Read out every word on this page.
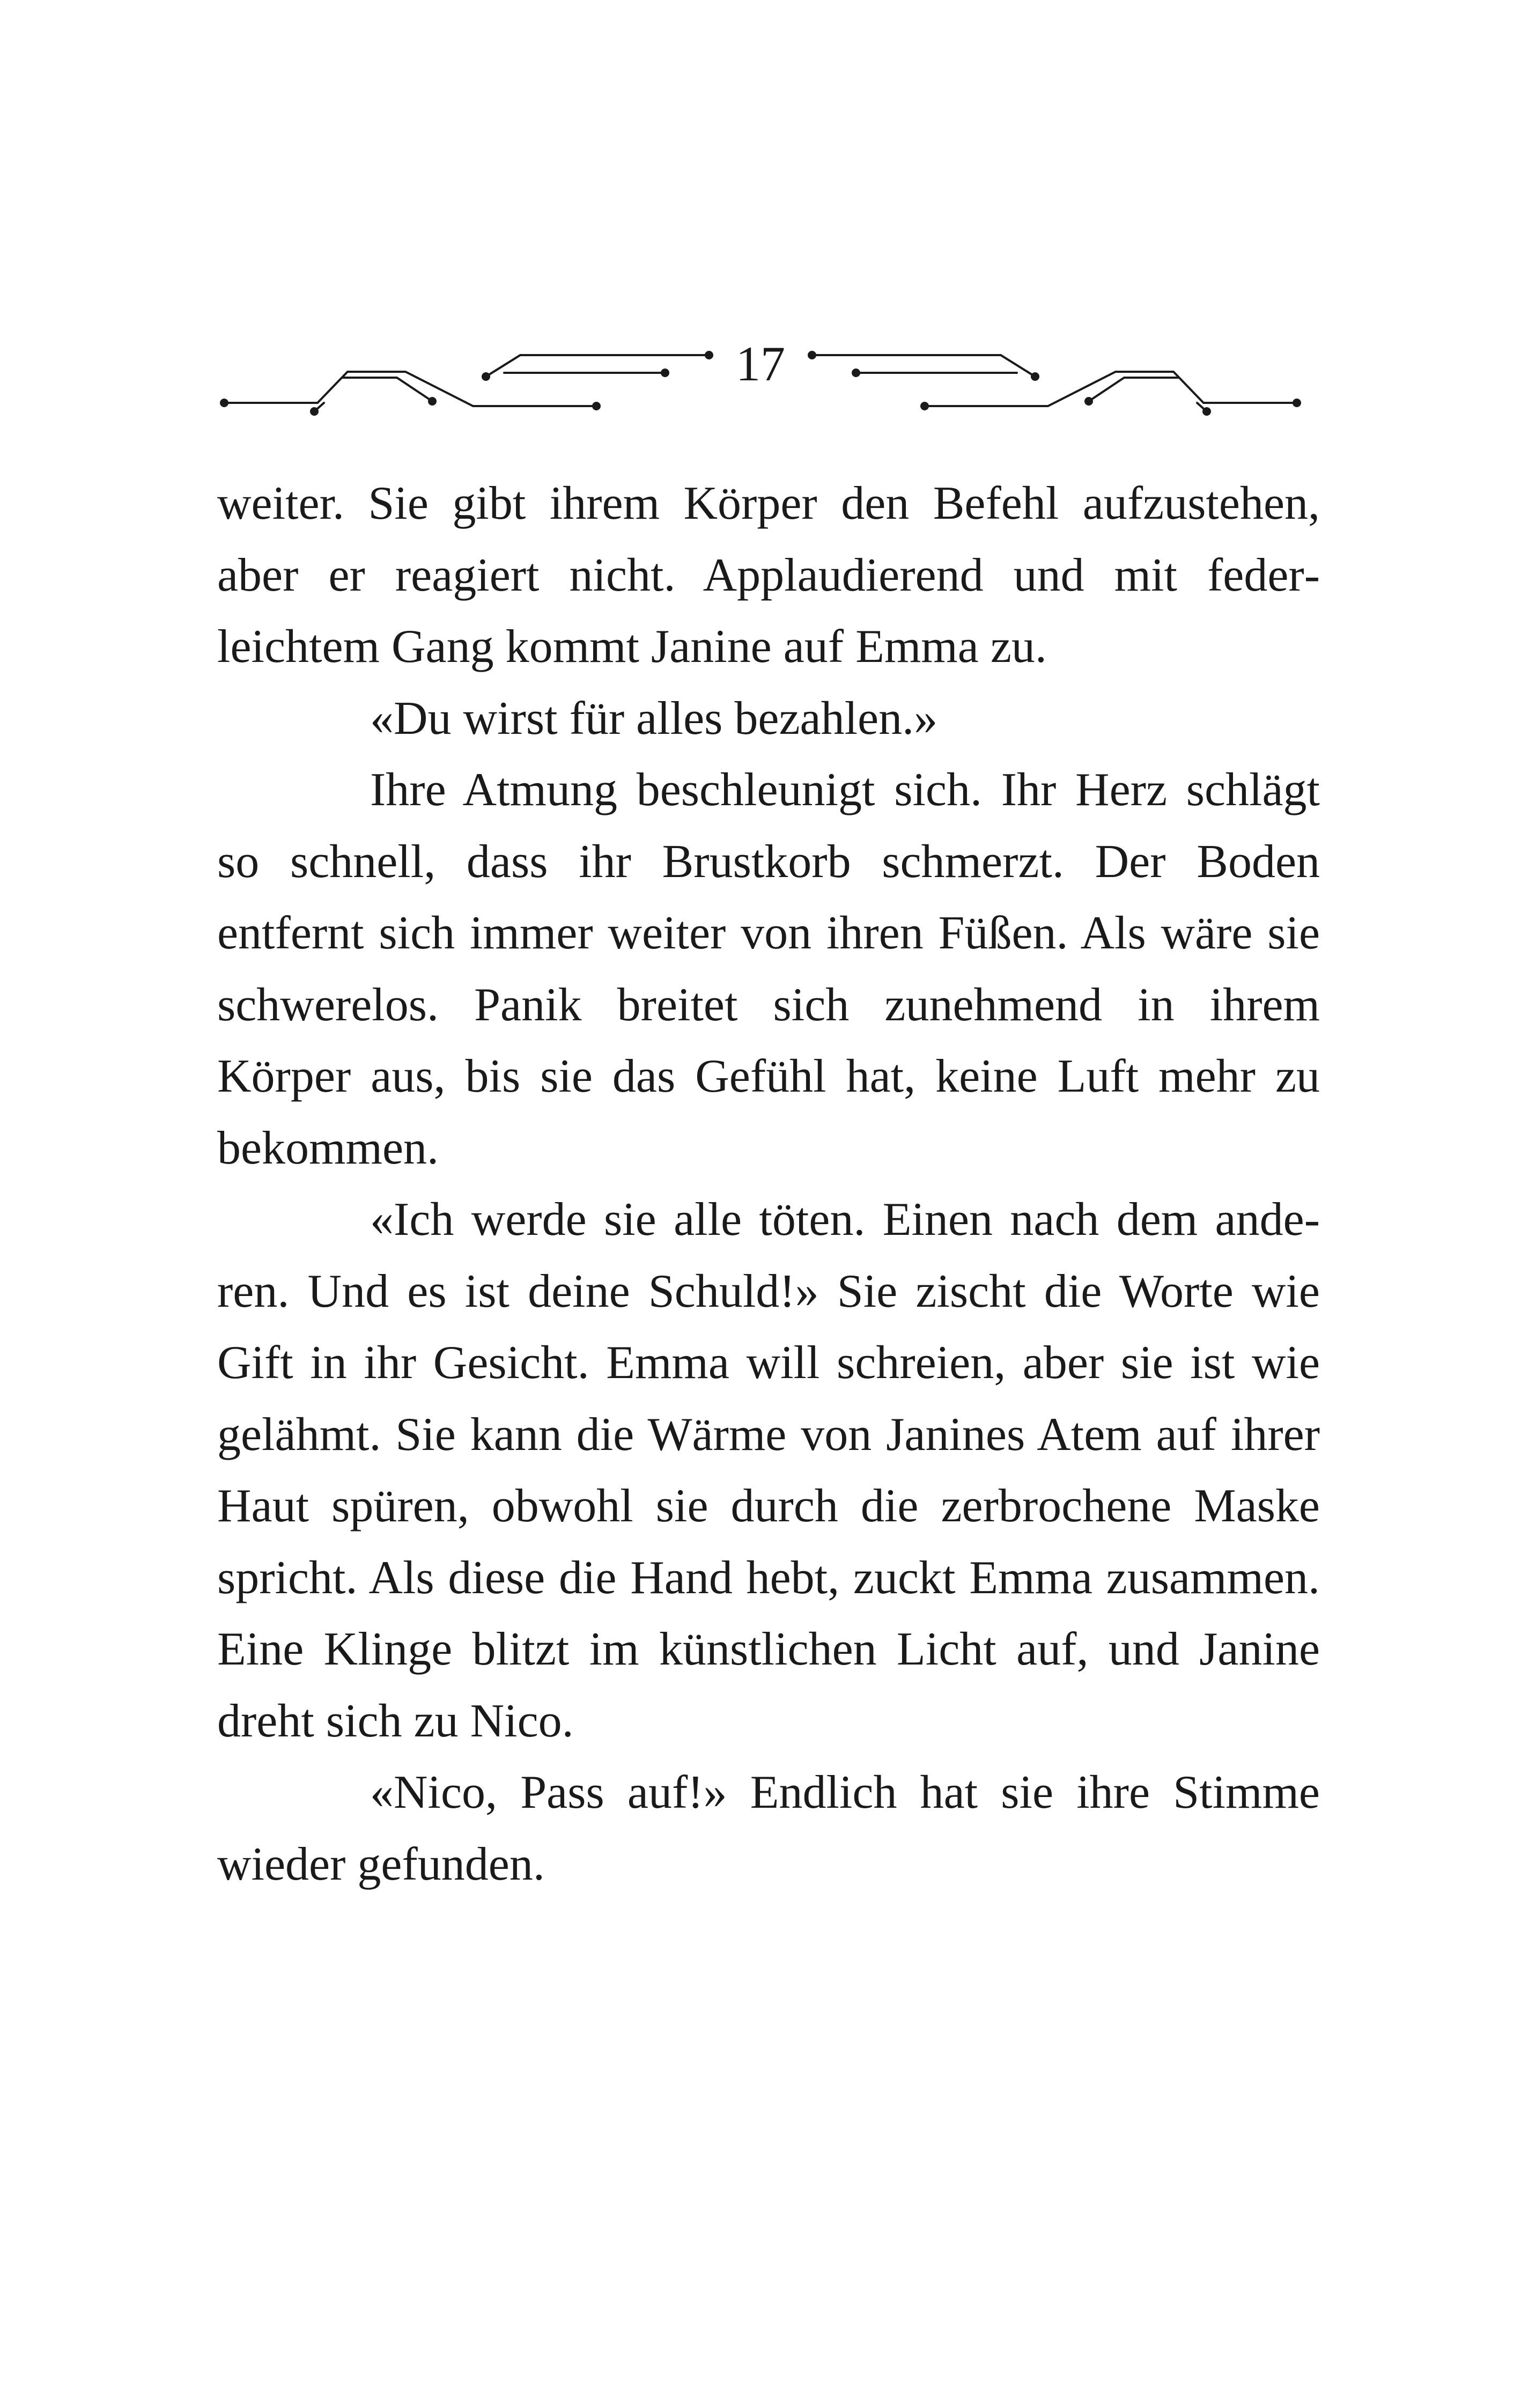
17

weiter. Sie gibt ihrem Körper den Befehl aufzustehen, aber er reagiert nicht. Applaudierend und mit federleichtem Gang kommt Janine auf Emma zu.

«Du wirst für alles bezahlen.»

Ihre Atmung beschleunigt sich. Ihr Herz schlägt so schnell, dass ihr Brustkorb schmerzt. Der Boden entfernt sich immer weiter von ihren Füßen. Als wäre sie schwerelos. Panik breitet sich zunehmend in ihrem Körper aus, bis sie das Gefühl hat, keine Luft mehr zu bekommen.

«Ich werde sie alle töten. Einen nach dem anderen. Und es ist deine Schuld!» Sie zischt die Worte wie Gift in ihr Gesicht. Emma will schreien, aber sie ist wie gelähmt. Sie kann die Wärme von Janines Atem auf ihrer Haut spüren, obwohl sie durch die zerbrochene Maske spricht. Als diese die Hand hebt, zuckt Emma zusammen. Eine Klinge blitzt im künstlichen Licht auf, und Janine dreht sich zu Nico.

«Nico, Pass auf!» Endlich hat sie ihre Stimme wieder gefunden.
